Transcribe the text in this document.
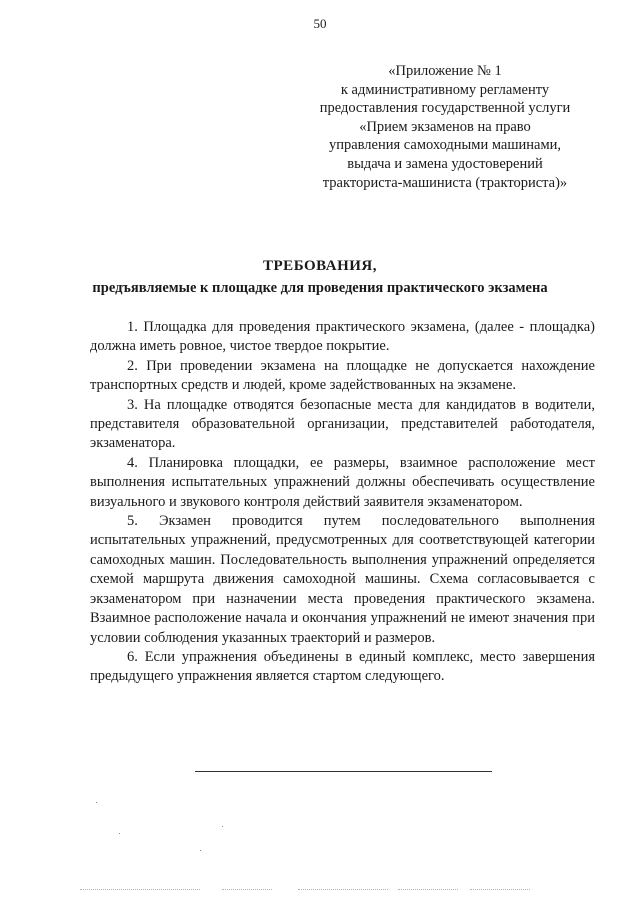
50
«Приложение № 1
к административному регламенту
предоставления государственной услуги
«Прием экзаменов на право
управления самоходными машинами,
выдача и замена удостоверений
тракториста-машиниста (тракториста)»
ТРЕБОВАНИЯ,
предъявляемые к площадке для проведения практического экзамена

1. Площадка для проведения практического экзамена, (далее - площадка) должна иметь ровное, чистое твердое покрытие.

2. При проведении экзамена на площадке не допускается нахождение транспортных средств и людей, кроме задействованных на экзамене.

3. На площадке отводятся безопасные места для кандидатов в водители, представителя образовательной организации, представителей работодателя, экзаменатора.

4. Планировка площадки, ее размеры, взаимное расположение мест выполнения испытательных упражнений должны обеспечивать осуществление визуального и звукового контроля действий заявителя экзаменатором.

5. Экзамен проводится путем последовательного выполнения испытательных упражнений, предусмотренных для соответствующей категории самоходных машин. Последовательность выполнения упражнений определяется схемой маршрута движения самоходной машины. Схема согласовывается с экзаменатором при назначении места проведения практического экзамена. Взаимное расположение начала и окончания упражнений не имеют значения при условии соблюдения указанных траекторий и размеров.

6. Если упражнения объединены в единый комплекс, место завершения предыдущего упражнения является стартом следующего.
